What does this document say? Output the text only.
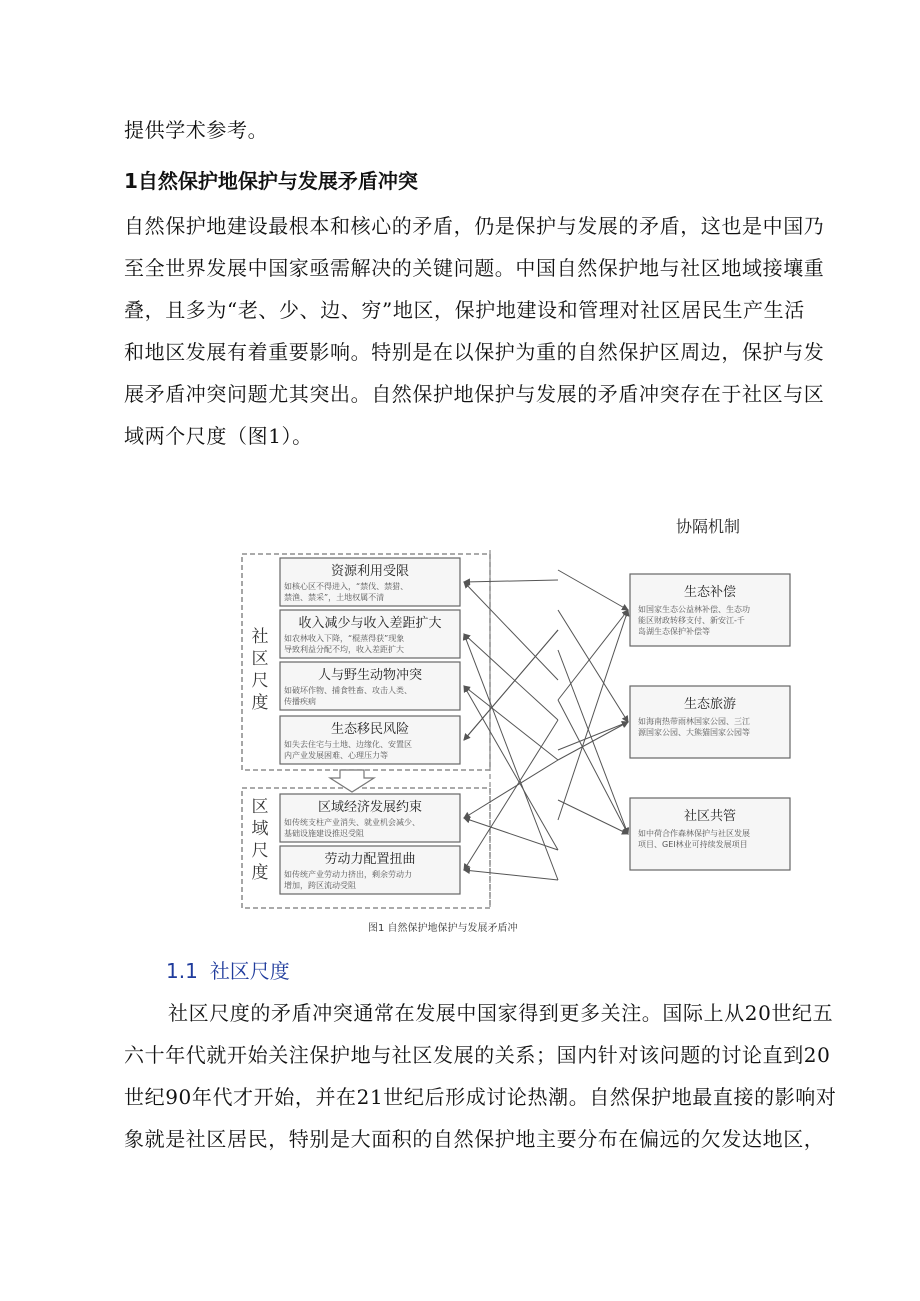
提供学术参考。
1自然保护地保护与发展矛盾冲突
自然保护地建设最根本和核心的矛盾，仍是保护与发展的矛盾，这也是中国乃
至全世界发展中国家亟需解决的关键问题。中国自然保护地与社区地域接壤重
叠，且多为“老、少、边、穷”地区，保护地建设和管理对社区居民生产生活
和地区发展有着重要影响。特别是在以保护为重的自然保护区周边，保护与发
展矛盾冲突问题尤其突出。自然保护地保护与发展的矛盾冲突存在于社区与区
域两个尺度（图1）。
协隔机制
社
区
尺
度
区
域
尺
度
资源利用受限
如核心区不得进入，“禁伐、禁猎、
禁渔、禁采”，土地权属不清
收入减少与收入差距扩大
如农林收入下降，“棍蒸得获”现象
导致利益分配不均，收入差距扩大
人与野生动物冲突
如破坏作物、捕食牲畜、攻击人类、
传播疾病
生态移民风险
如失去住宅与土地、边缘化、安置区
内产业发展困难、心理压力等
区域经济发展约束
如传统支柱产业消失、就业机会减少、
基础设施建设推迟受阻
劳动力配置扭曲
如传统产业劳动力挤出，剩余劳动力
增加，跨区流动受阻
生态补偿
如国家生态公益林补偿、生态功
能区财政转移支付、新安江-千
岛湖生态保护补偿等
生态旅游
如海南热带雨林国家公园、三江
源国家公园、大熊猫国家公园等
社区共管
如中荷合作森林保护与社区发展
项目、GEI林业可持续发展项目
图1 自然保护地保护与发展矛盾冲
1.1 社区尺度
社区尺度的矛盾冲突通常在发展中国家得到更多关注。国际上从20世纪五
六十年代就开始关注保护地与社区发展的关系；国内针对该问题的讨论直到20
世纪90年代才开始，并在21世纪后形成讨论热潮。自然保护地最直接的影响对
象就是社区居民，特别是大面积的自然保护地主要分布在偏远的欠发达地区，
